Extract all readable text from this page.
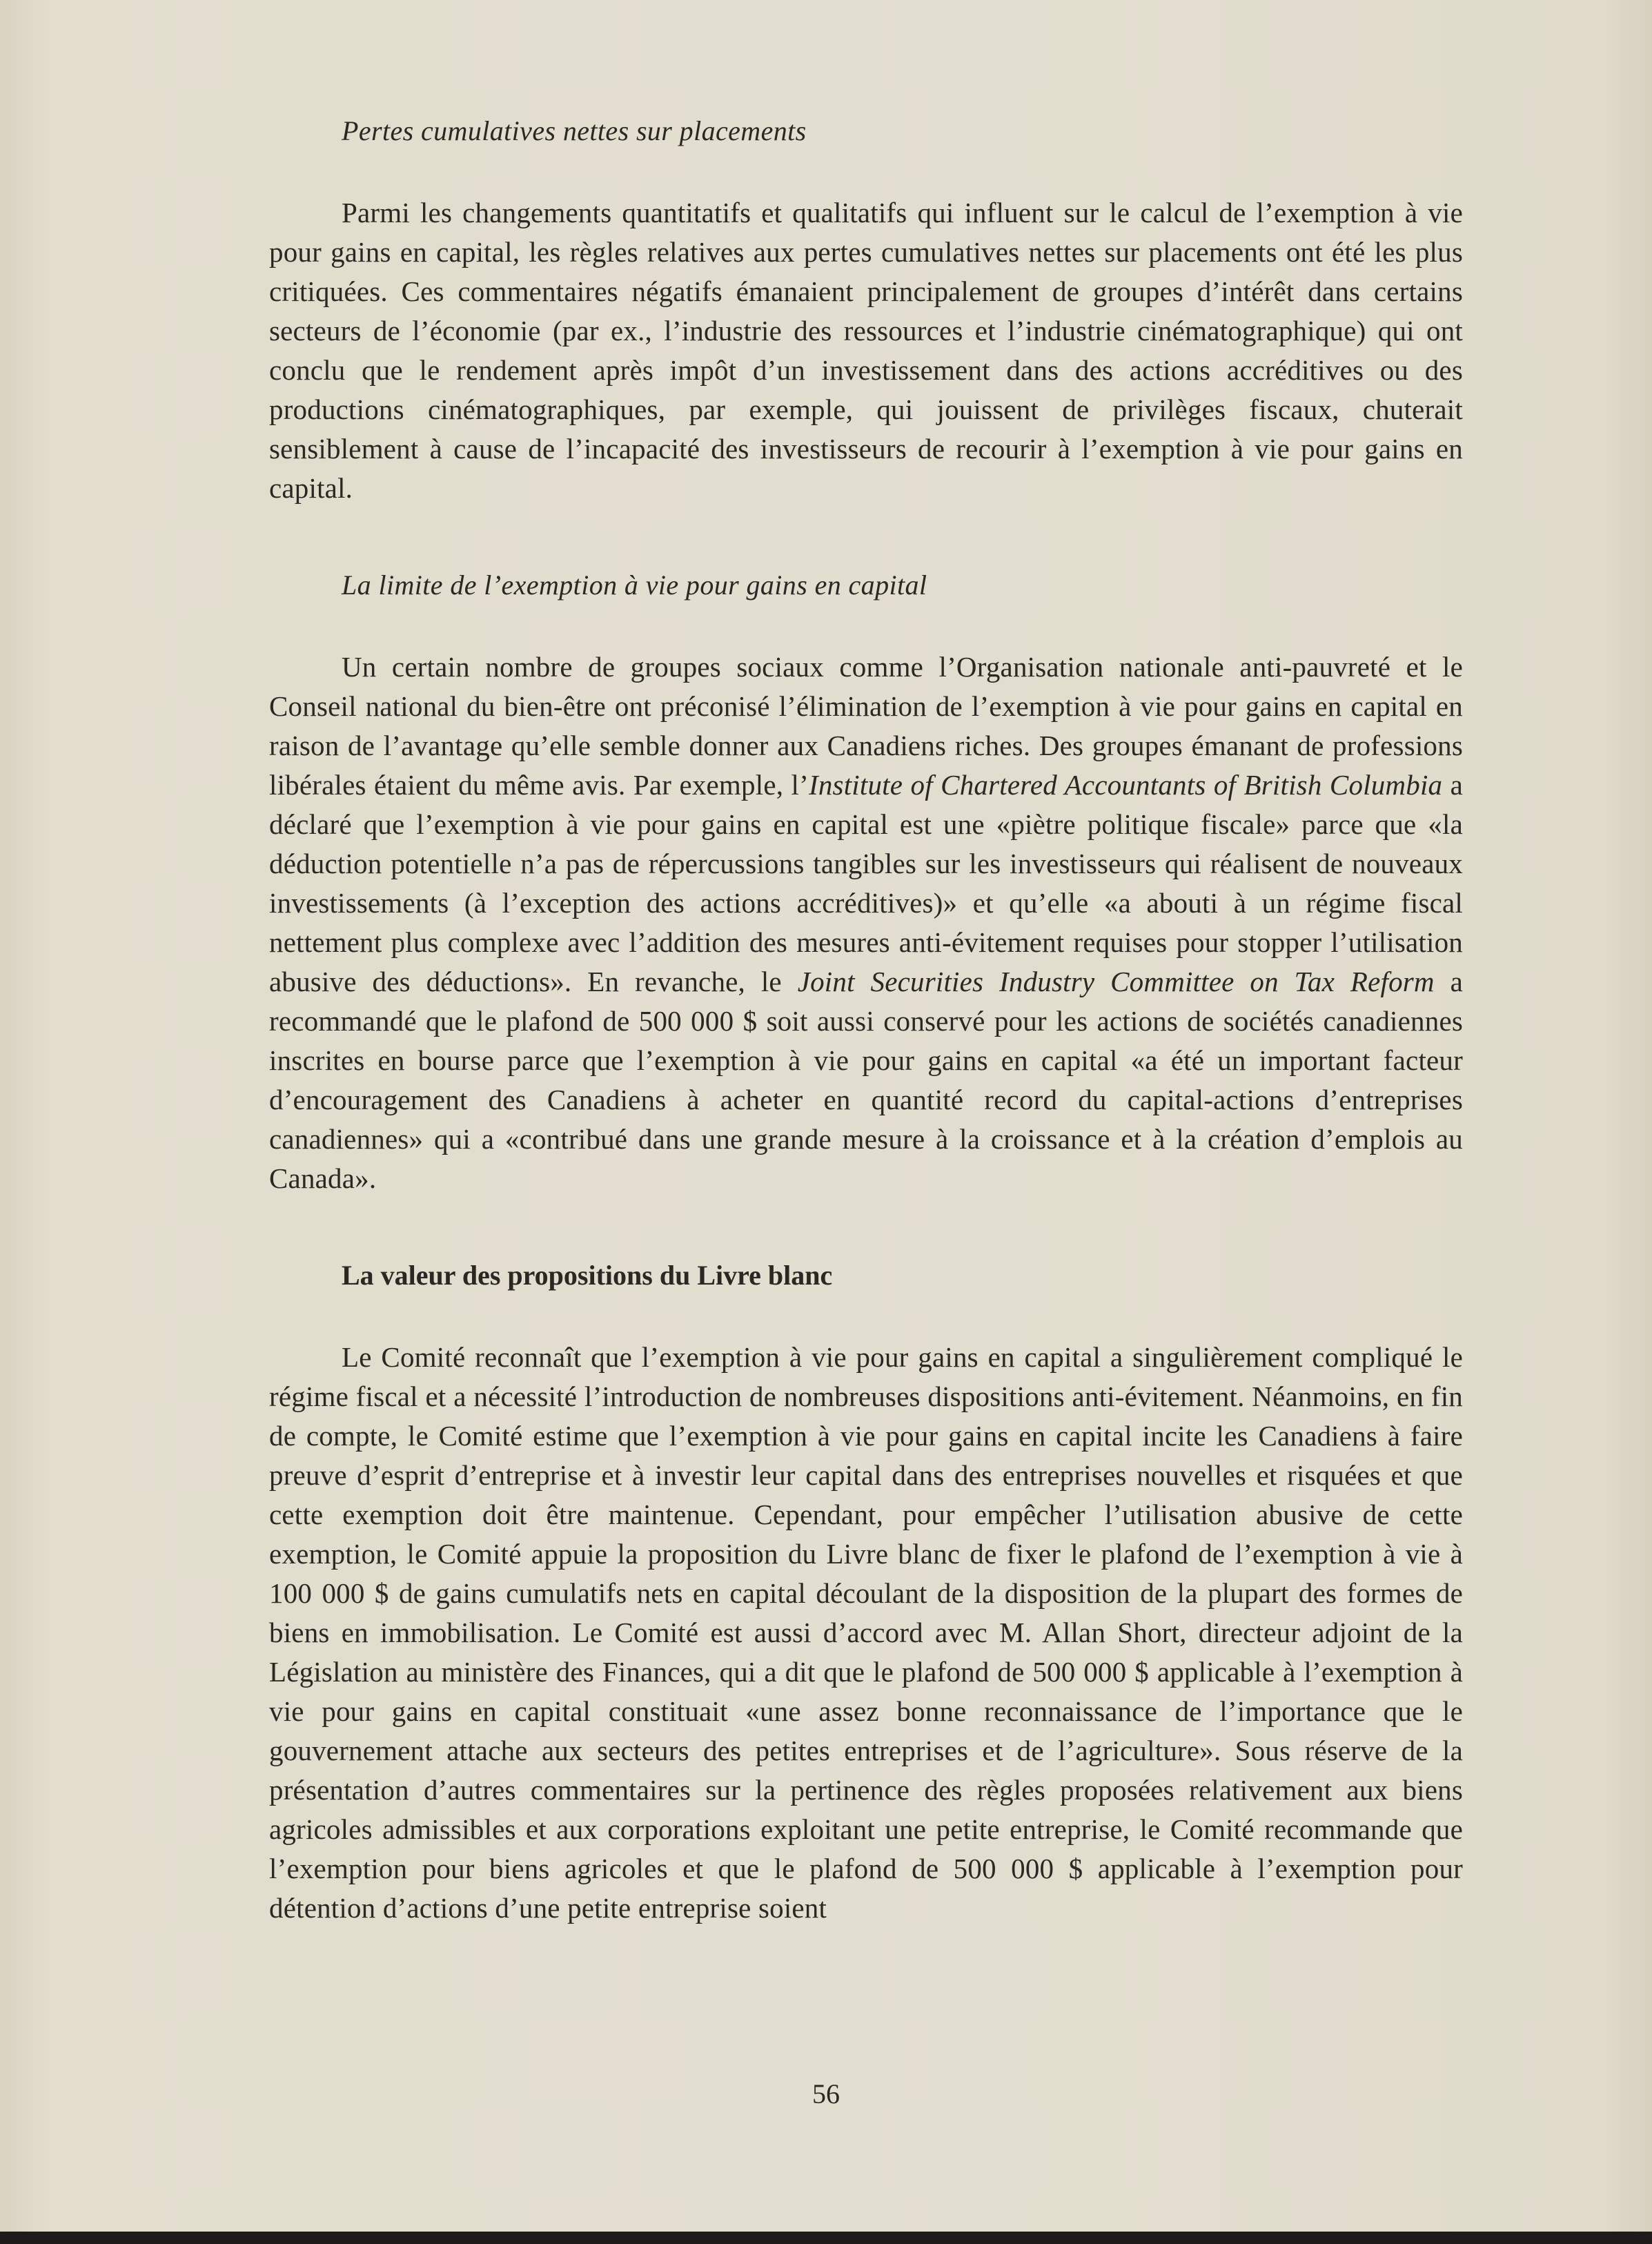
Pertes cumulatives nettes sur placements

Parmi les changements quantitatifs et qualitatifs qui influent sur le calcul de l’exemption à vie pour gains en capital, les règles relatives aux pertes cumulatives nettes sur placements ont été les plus critiquées. Ces commentaires négatifs émanaient principalement de groupes d’intérêt dans certains secteurs de l’économie (par ex., l’industrie des ressources et l’industrie cinématographique) qui ont conclu que le rendement après impôt d’un investissement dans des actions accréditives ou des productions cinématographiques, par exemple, qui jouissent de privilèges fiscaux, chuterait sensiblement à cause de l’incapacité des investisseurs de recourir à l’exemption à vie pour gains en capital.

La limite de l’exemption à vie pour gains en capital

Un certain nombre de groupes sociaux comme l’Organisation nationale anti-pauvreté et le Conseil national du bien-être ont préconisé l’élimination de l’exemption à vie pour gains en capital en raison de l’avantage qu’elle semble donner aux Canadiens riches. Des groupes émanant de professions libérales étaient du même avis. Par exemple, l’Institute of Chartered Accountants of British Columbia a déclaré que l’exemption à vie pour gains en capital est une «piètre politique fiscale» parce que «la déduction potentielle n’a pas de répercussions tangibles sur les investisseurs qui réalisent de nouveaux investissements (à l’exception des actions accréditives)» et qu’elle «a abouti à un régime fiscal nettement plus complexe avec l’addition des mesures anti-évitement requises pour stopper l’utilisation abusive des déductions». En revanche, le Joint Securities Industry Committee on Tax Reform a recommandé que le plafond de 500 000 $ soit aussi conservé pour les actions de sociétés canadiennes inscrites en bourse parce que l’exemption à vie pour gains en capital «a été un important facteur d’encouragement des Canadiens à acheter en quantité record du capital-actions d’entreprises canadiennes» qui a «contribué dans une grande mesure à la croissance et à la création d’emplois au Canada».

La valeur des propositions du Livre blanc

Le Comité reconnaît que l’exemption à vie pour gains en capital a singulièrement compliqué le régime fiscal et a nécessité l’introduction de nombreuses dispositions anti-évitement. Néanmoins, en fin de compte, le Comité estime que l’exemption à vie pour gains en capital incite les Canadiens à faire preuve d’esprit d’entreprise et à investir leur capital dans des entreprises nouvelles et risquées et que cette exemption doit être maintenue. Cependant, pour empêcher l’utilisation abusive de cette exemption, le Comité appuie la proposition du Livre blanc de fixer le plafond de l’exemption à vie à 100 000 $ de gains cumulatifs nets en capital découlant de la disposition de la plupart des formes de biens en immobilisation. Le Comité est aussi d’accord avec M. Allan Short, directeur adjoint de la Législation au ministère des Finances, qui a dit que le plafond de 500 000 $ applicable à l’exemption à vie pour gains en capital constituait «une assez bonne reconnaissance de l’importance que le gouvernement attache aux secteurs des petites entreprises et de l’agriculture». Sous réserve de la présentation d’autres commentaires sur la pertinence des règles proposées relativement aux biens agricoles admissibles et aux corporations exploitant une petite entreprise, le Comité recommande que l’exemption pour biens agricoles et que le plafond de 500 000 $ applicable à l’exemption pour détention d’actions d’une petite entreprise soient

56
